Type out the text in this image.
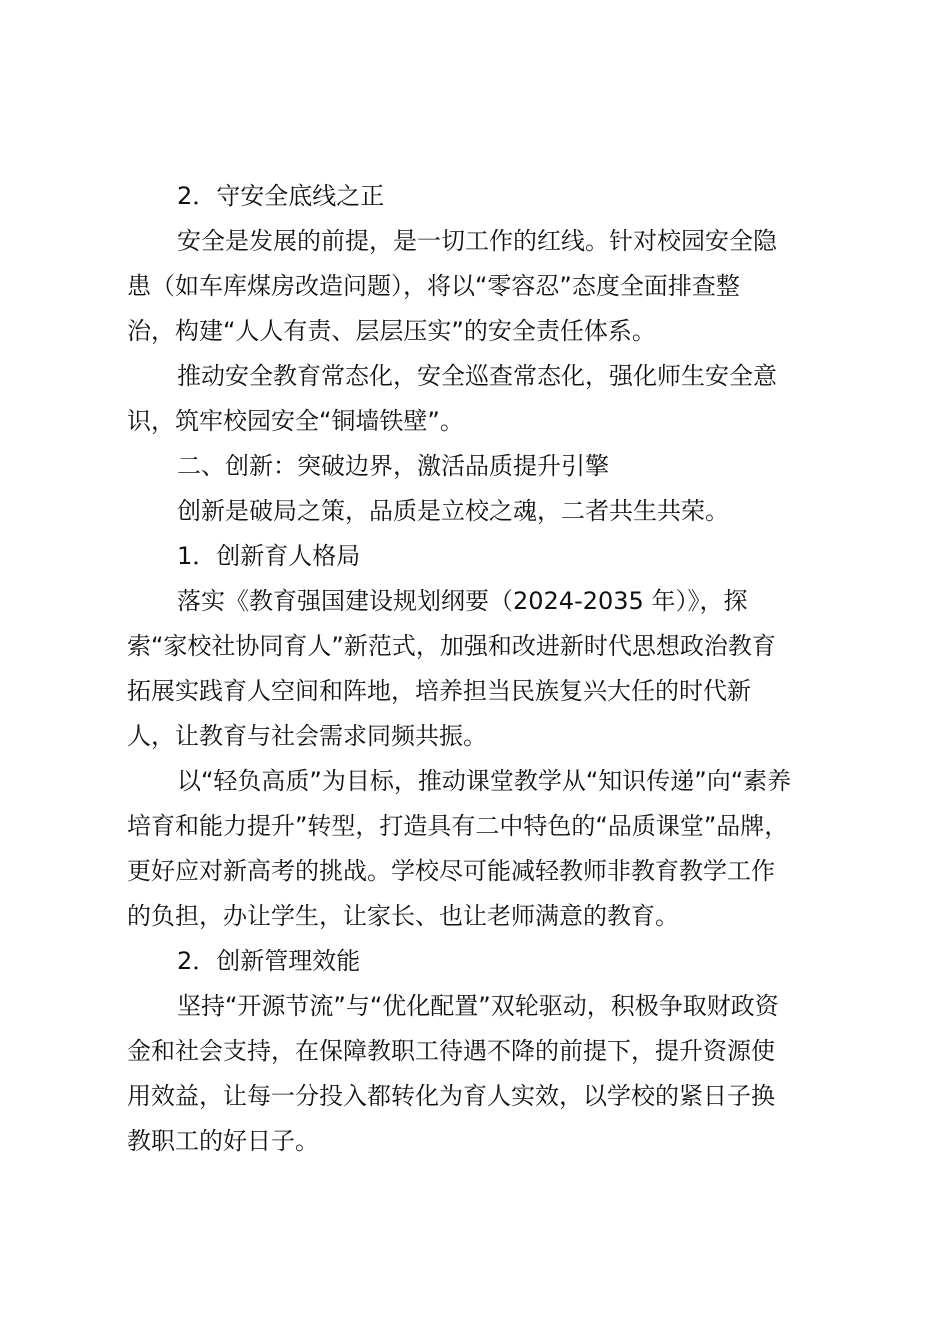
2．守安全底线之正
安全是发展的前提，是一切工作的红线。针对校园安全隐
患（如车库煤房改造问题），将以“零容忍”态度全面排查整
治，构建“人人有责、层层压实”的安全责任体系。
推动安全教育常态化，安全巡查常态化，强化师生安全意
识，筑牢校园安全“铜墙铁壁”。
二、创新：突破边界，激活品质提升引擎
创新是破局之策，品质是立校之魂，二者共生共荣。
1．创新育人格局
落实《教育强国建设规划纲要（2024-2035 年）》，探
索“家校社协同育人”新范式，加强和改进新时代思想政治教育
拓展实践育人空间和阵地，培养担当民族复兴大任的时代新
人，让教育与社会需求同频共振。
以“轻负高质”为目标，推动课堂教学从“知识传递”向“素养
培育和能力提升”转型，打造具有二中特色的“品质课堂”品牌，
更好应对新高考的挑战。学校尽可能减轻教师非教育教学工作
的负担，办让学生，让家长、也让老师满意的教育。
2．创新管理效能
坚持“开源节流”与“优化配置”双轮驱动，积极争取财政资
金和社会支持，在保障教职工待遇不降的前提下，提升资源使
用效益，让每一分投入都转化为育人实效，以学校的紧日子换
教职工的好日子。
